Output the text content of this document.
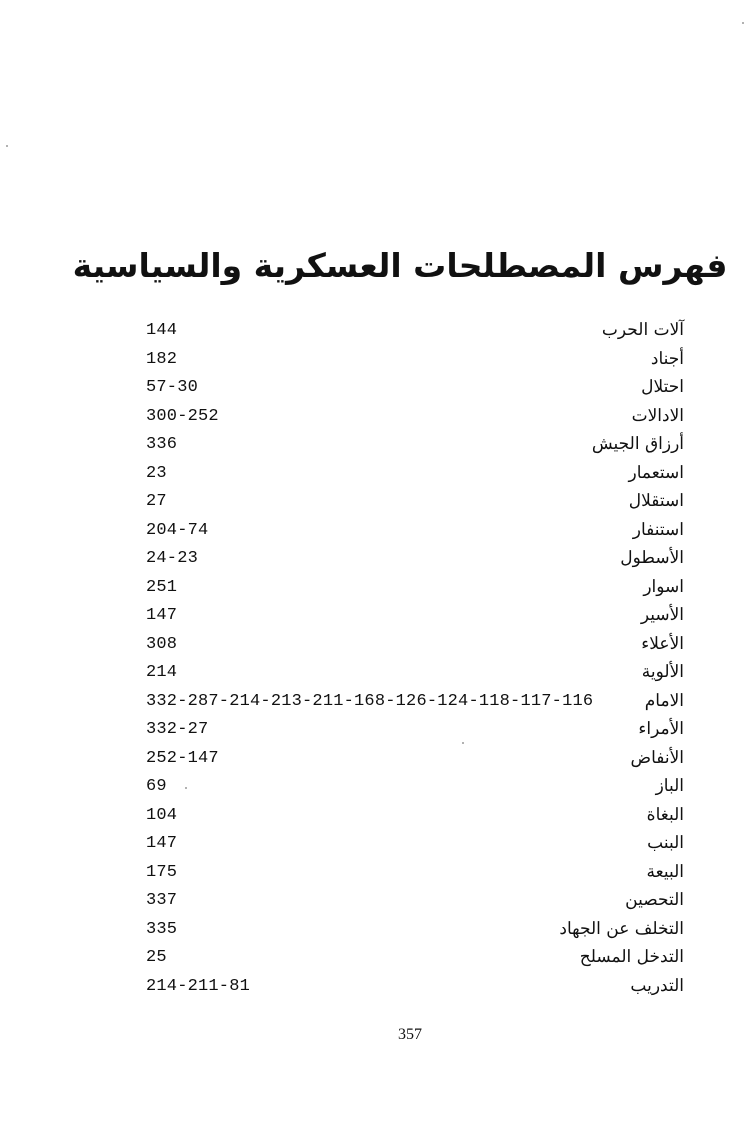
فهرس المصطلحات العسكرية والسياسية
آلات الحرب
144
أجناد
182
احتلال
57-30
الادالات
300-252
أرزاق الجيش
336
استعمار
23
استقلال
27
استنفار
204-74
الأسطول
24-23
اسوار
251
الأسير
147
الأعلاء
308
الألوية
214
الامام
332-287-214-213-211-168-126-124-118-117-116
الأمراء
332-27
الأنفاض
252-147
الباز
69
البغاة
104
البنب
147
البيعة
175
التحصين
337
التخلف عن الجهاد
335
التدخل المسلح
25
التدريب
214-211-81
357
